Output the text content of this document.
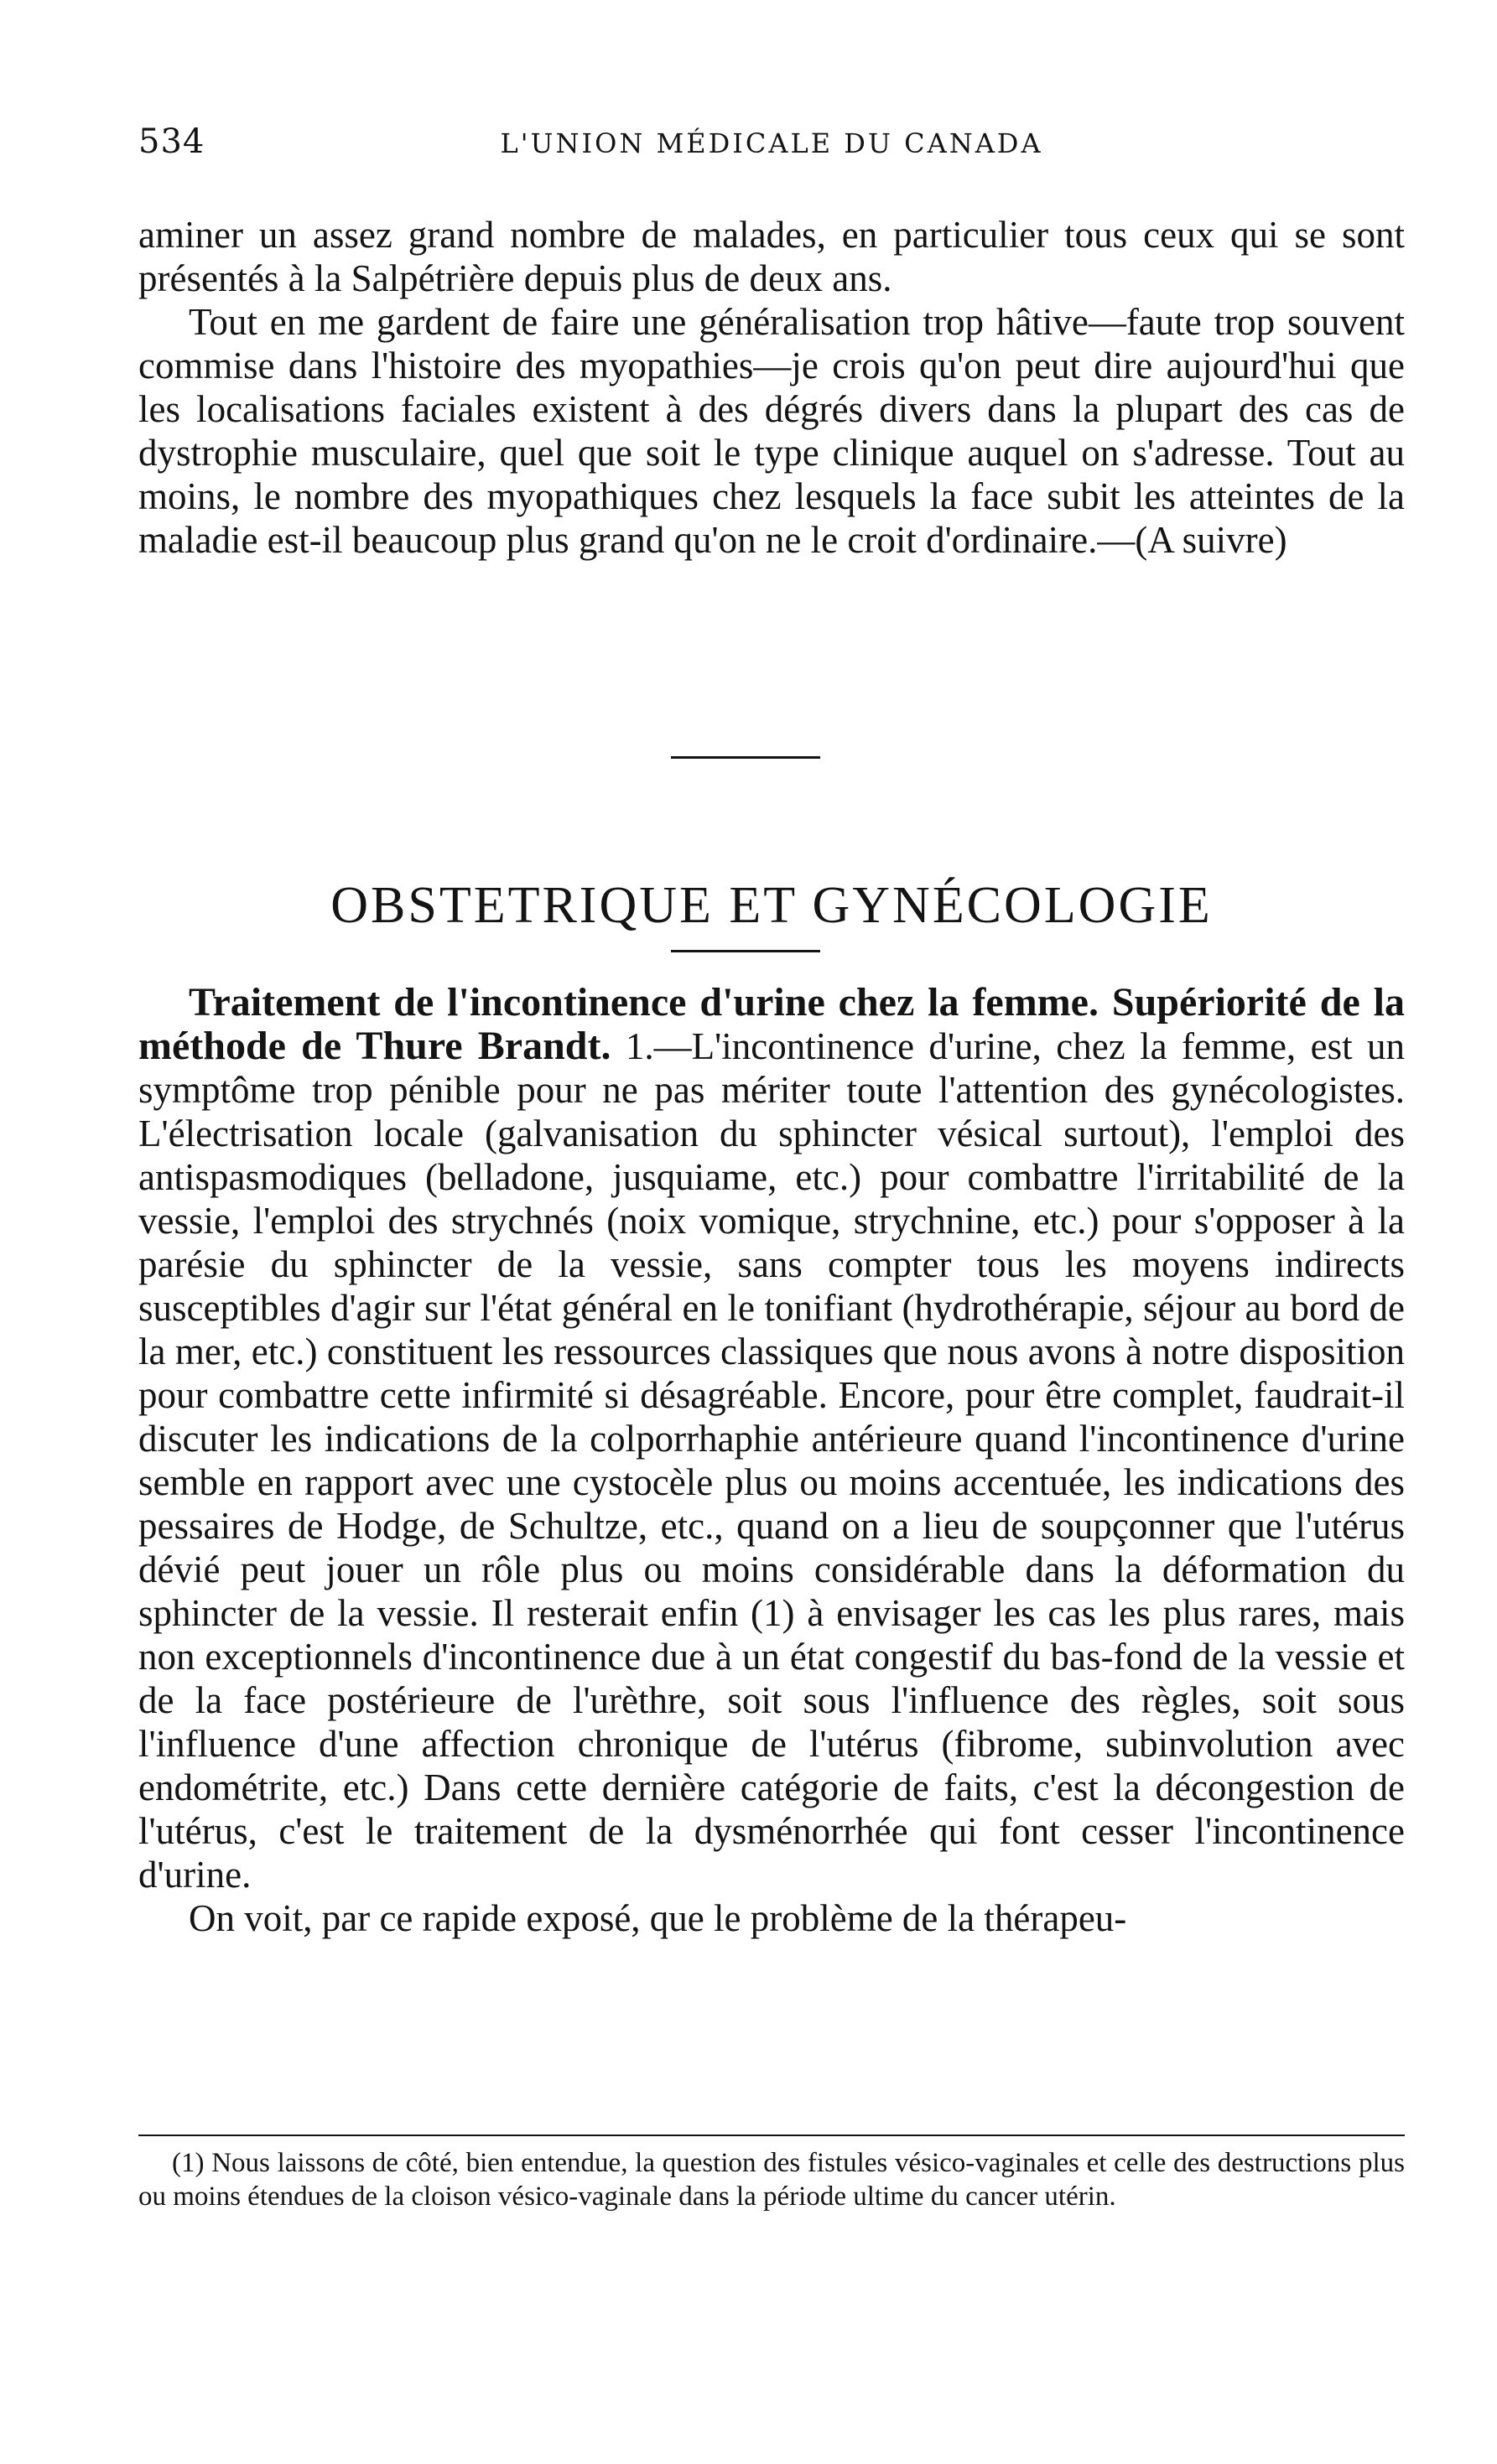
534	L'UNION MÉDICALE DU CANADA

aminer un assez grand nombre de malades, en particulier tous ceux qui se sont présentés à la Salpétrière depuis plus de deux ans.

Tout en me gardent de faire une généralisation trop hâtive—faute trop souvent commise dans l'histoire des myopathies—je crois qu'on peut dire aujourd'hui que les localisations faciales existent à des dégrés divers dans la plupart des cas de dystrophie musculaire, quel que soit le type clinique auquel on s'adresse. Tout au moins, le nombre des myopathiques chez lesquels la face subit les atteintes de la maladie est-il beaucoup plus grand qu'on ne le croit d'ordinaire.—(A suivre)

OBSTETRIQUE ET GYNÉCOLOGIE

Traitement de l'incontinence d'urine chez la femme. Supériorité de la méthode de Thure Brandt. 1.—L'incontinence d'urine, chez la femme, est un symptôme trop pénible pour ne pas mériter toute l'attention des gynécologistes. L'électrisation locale (galvanisation du sphincter vésical surtout), l'emploi des antispasmodiques (belladone, jusquiame, etc.) pour combattre l'irritabilité de la vessie, l'emploi des strychnés (noix vomique, strychnine, etc.) pour s'opposer à la parésie du sphincter de la vessie, sans compter tous les moyens indirects susceptibles d'agir sur l'état général en le tonifiant (hydrothérapie, séjour au bord de la mer, etc.) constituent les ressources classiques que nous avons à notre disposition pour combattre cette infirmité si désagréable. Encore, pour être complet, faudrait-il discuter les indications de la colporrhaphie antérieure quand l'incontinence d'urine semble en rapport avec une cystocèle plus ou moins accentuée, les indications des pessaires de Hodge, de Schultze, etc., quand on a lieu de soupçonner que l'utérus dévié peut jouer un rôle plus ou moins considérable dans la déformation du sphincter de la vessie. Il resterait enfin (1) à envisager les cas les plus rares, mais non exceptionnels d'incontinence due à un état congestif du bas-fond de la vessie et de la face postérieure de l'urèthre, soit sous l'influence des règles, soit sous l'influence d'une affection chronique de l'utérus (fibrome, subinvolution avec endométrite, etc.) Dans cette dernière catégorie de faits, c'est la décongestion de l'utérus, c'est le traitement de la dysménorrhée qui font cesser l'incontinence d'urine.

On voit, par ce rapide exposé, que le problème de la thérapeu-

(1) Nous laissons de côté, bien entendue, la question des fistules vésico-vaginales et celle des destructions plus ou moins étendues de la cloison vésico-vaginale dans la période ultime du cancer utérin.
